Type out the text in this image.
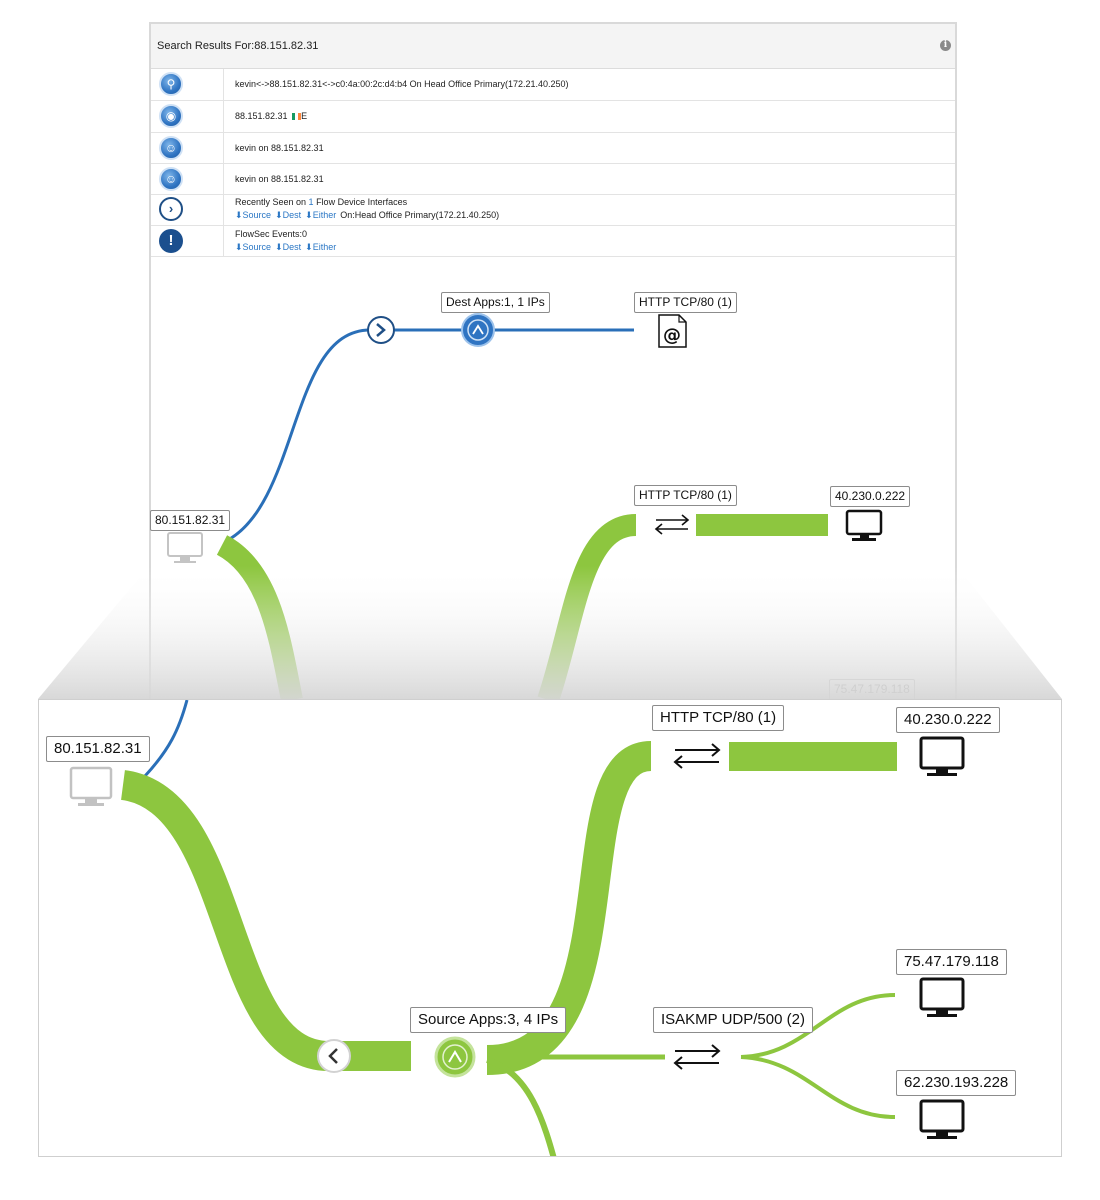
Search Results For:88.151.82.31	i
⚲	kevin<->88.151.82.31<->c0:4a:00:2c:d4:b4 On Head Office Primary(172.21.40.250)
◉	88.151.82.31 E
☺	kevin on 88.151.82.31
☺	kevin on 88.151.82.31
›	Recently Seen on 1 Flow Device Interfaces
⬇Source ⬇Dest ⬇Either On:Head Office Primary(172.21.40.250)
!	FlowSec Events:0
⬇Source ⬇Dest ⬇Either
@
80.151.82.31
Dest Apps:1, 1 IPs	HTTP TCP/80 (1)
HTTP TCP/80 (1)	40.230.0.222
80.151.82.31
HTTP TCP/80 (1)	40.230.0.222
Source Apps:3, 4 IPs	ISAKMP UDP/500 (2)
75.47.179.118
62.230.193.228
